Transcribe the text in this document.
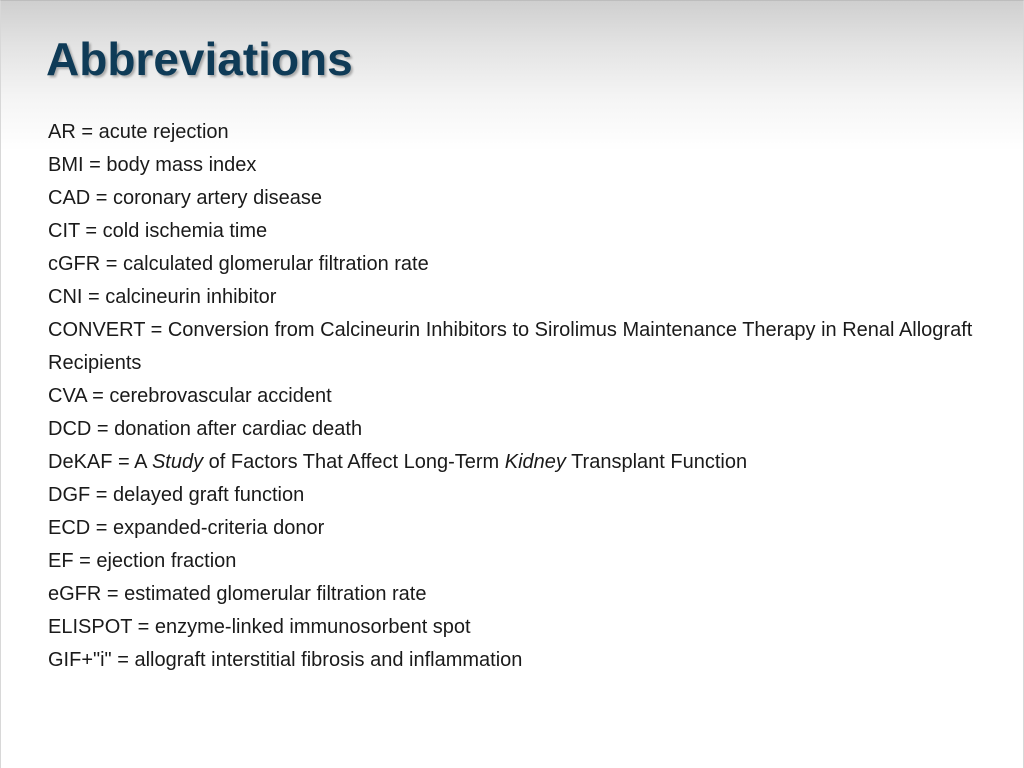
Abbreviations
AR = acute rejection
BMI = body mass index
CAD = coronary artery disease
CIT = cold ischemia time
cGFR = calculated glomerular filtration rate
CNI = calcineurin inhibitor
CONVERT = Conversion from Calcineurin Inhibitors to Sirolimus Maintenance Therapy in Renal Allograft
Recipients
CVA = cerebrovascular accident
DCD = donation after cardiac death
DeKAF = A Study of Factors That Affect Long-Term Kidney Transplant Function
DGF = delayed graft function
ECD = expanded-criteria donor
EF = ejection fraction
eGFR = estimated glomerular filtration rate
ELISPOT = enzyme-linked immunosorbent spot
GIF+"i" = allograft interstitial fibrosis and inflammation
